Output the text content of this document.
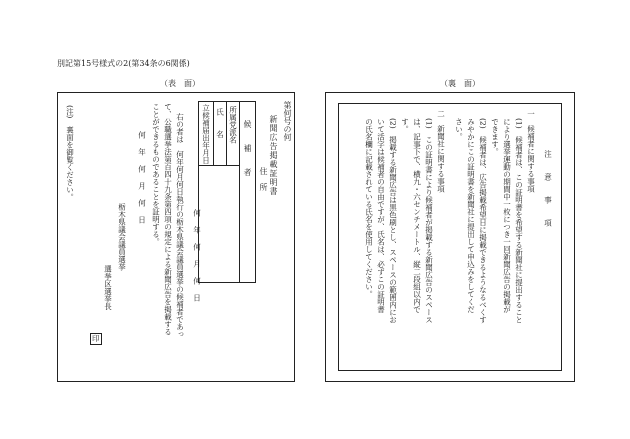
別記第15号様式の2(第34条の6関係)
（表　面）	（裏　面）
第何号の何
新聞広告掲載証明書
候　補　者
所属党派名
氏　　名
立候補届出年月日
住　所
何　年　何　月　何　日
右の者は　何年何月何日執行の栃木県議会議員選挙の候補者であっ
て、公職選挙法第百四十九条第四項の規定による新聞広告を掲載する
ことができるものであることを証明する。
何　年　何　月　何　日
栃木県議会議員選挙
選挙区選挙長
印
(注)　裏面を御覧ください。	注　意　事　項
一　候補者に関する事項
(1)　候補者は、この証明書を希望する新聞社に提出すること
により選挙運動の期間中一枚につき一回新聞広告の掲載が
できます。
(2)　候補者は、広告掲載希望日に掲載できるようなるべくす
みやかにこの証明書を新聞社に提出して申込みをしてくだ
さい。
二　新聞社に関する事項
(1)　この証明書により候補者が掲載する新聞広告のスペース
は、記事下で、横九・六センチメートル、縦二段組以内で
す。
(2)　掲載する新聞広告は黒色刷とし、スペースの範囲内にお
いて活字は候補者の自由ですが、氏名は、必ずこの証明書
の氏名欄に記載されている氏名を使用してください。
